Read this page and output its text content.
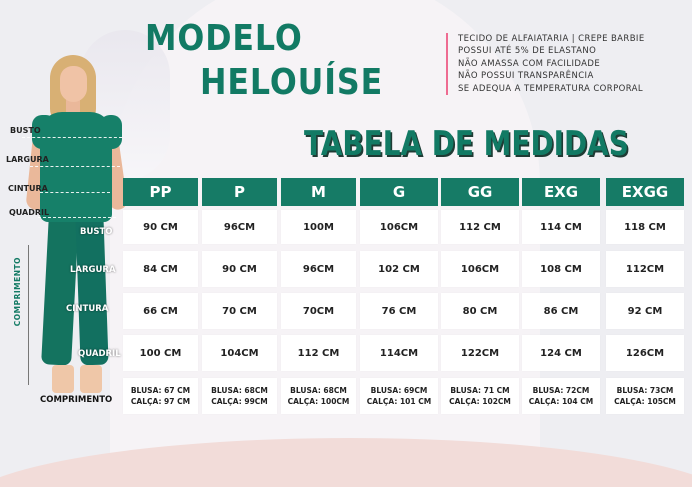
MODELO
HELOUÍSE
TECIDO DE ALFAIATARIA | CREPE BARBIE
POSSUI ATÉ 5% DE ELASTANO
NÃO AMASSA COM FACILIDADE
NÃO POSSUI TRANSPARÊNCIA
SE ADEQUA A TEMPERATURA CORPORAL
TABELA DE MEDIDAS
BUSTO
LARGURA
CINTURA
QUADRIL
COMPRIMENTO
BUSTO
LARGURA
CINTURA
QUADRIL
COMPRIMENTO
PP	P	M	G	GG	EXG	EXGG
90 CM	96CM	100M	106CM	112 CM	114 CM	118 CM
84 CM	90 CM	96CM	102 CM	106CM	108 CM	112CM
66 CM	70 CM	70CM	76 CM	80 CM	86 CM	92 CM
100 CM	104CM	112 CM	114CM	122CM	124 CM	126CM
BLUSA: 67 CM
CALÇA: 97 CM
BLUSA: 68CM
CALÇA: 99CM
BLUSA: 68CM
CALÇA: 100CM
BLUSA: 69CM
CALÇA: 101 CM
BLUSA: 71 CM
CALÇA: 102CM
BLUSA: 72CM
CALÇA: 104 CM
BLUSA: 73CM
CALÇA: 105CM
